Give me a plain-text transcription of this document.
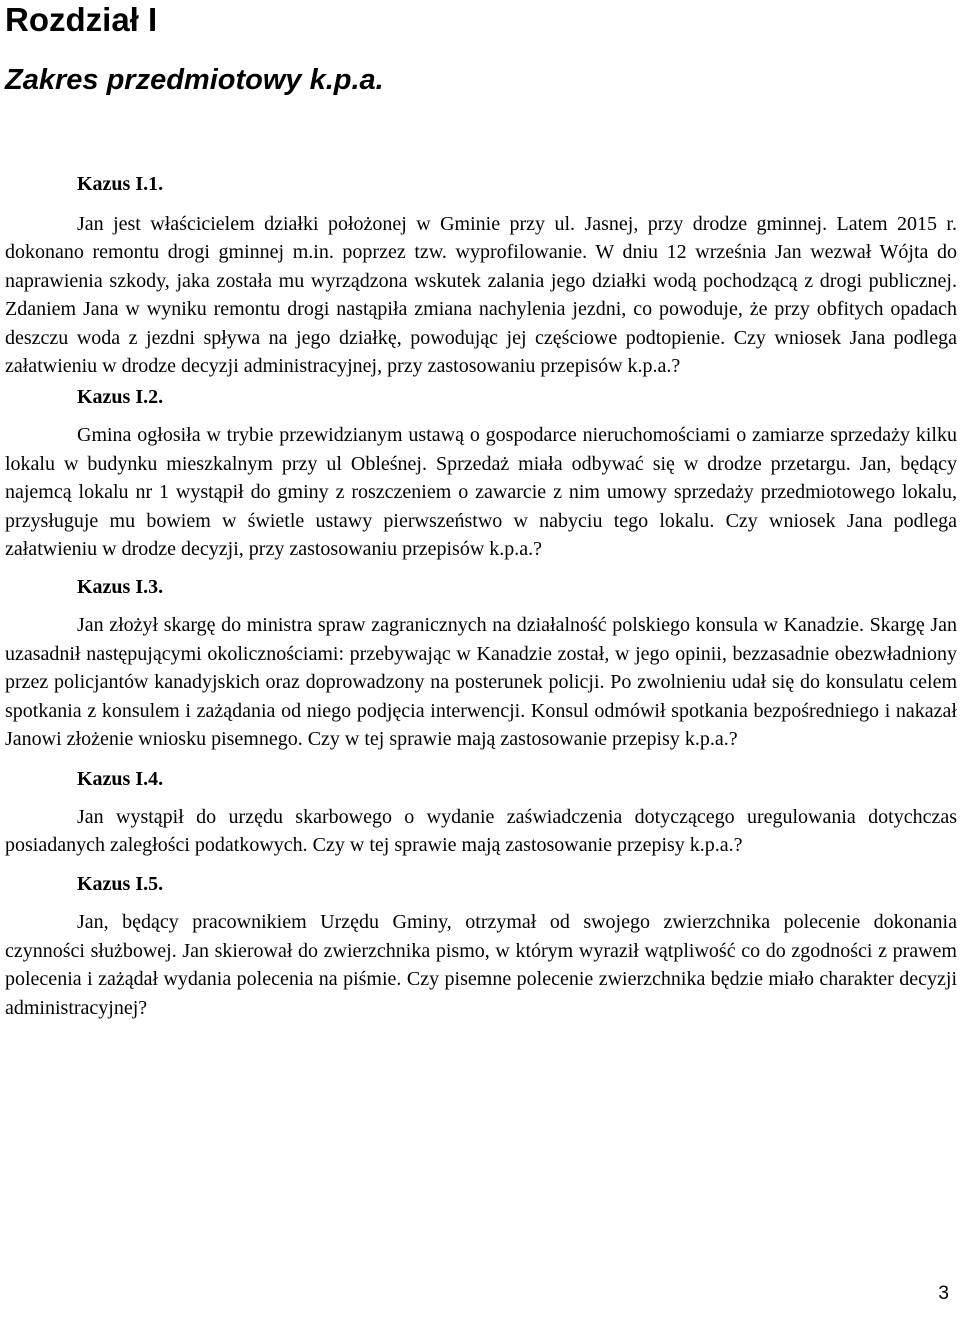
Rozdział I
Zakres przedmiotowy k.p.a.
Kazus I.1.

Jan jest właścicielem działki położonej w Gminie przy ul. Jasnej, przy drodze gminnej. Latem 2015 r. dokonano remontu drogi gminnej m.in. poprzez tzw. wyprofilowanie. W dniu 12 września Jan wezwał Wójta do naprawienia szkody, jaka została mu wyrządzona wskutek zalania jego działki wodą pochodzącą z drogi publicznej. Zdaniem Jana w wyniku remontu drogi nastąpiła zmiana nachylenia jezdni, co powoduje, że przy obfitych opadach deszczu woda z jezdni spływa na jego działkę, powodując jej częściowe podtopienie. Czy wniosek Jana podlega załatwieniu w drodze decyzji administracyjnej, przy zastosowaniu przepisów k.p.a.?

Kazus I.2.

Gmina ogłosiła w trybie przewidzianym ustawą o gospodarce nieruchomościami o zamiarze sprzedaży kilku lokalu w budynku mieszkalnym przy ul Obleśnej. Sprzedaż miała odbywać się w drodze przetargu. Jan, będący najemcą lokalu nr 1 wystąpił do gminy z roszczeniem o zawarcie z nim umowy sprzedaży przedmiotowego lokalu, przysługuje mu bowiem w świetle ustawy pierwszeństwo w nabyciu tego lokalu. Czy wniosek Jana podlega załatwieniu w drodze decyzji, przy zastosowaniu przepisów k.p.a.?

Kazus I.3.

Jan złożył skargę do ministra spraw zagranicznych na działalność polskiego konsula w Kanadzie. Skargę Jan uzasadnił następującymi okolicznościami: przebywając w Kanadzie został, w jego opinii, bezzasadnie obezwładniony przez policjantów kanadyjskich oraz doprowadzony na posterunek policji. Po zwolnieniu udał się do konsulatu celem spotkania z konsulem i zażądania od niego podjęcia interwencji. Konsul odmówił spotkania bezpośredniego i nakazał Janowi złożenie wniosku pisemnego. Czy w tej sprawie mają zastosowanie przepisy k.p.a.?

Kazus I.4.

Jan wystąpił do urzędu skarbowego o wydanie zaświadczenia dotyczącego uregulowania dotychczas posiadanych zaległości podatkowych. Czy w tej sprawie mają zastosowanie przepisy k.p.a.?

Kazus I.5.

Jan, będący pracownikiem Urzędu Gminy, otrzymał od swojego zwierzchnika polecenie dokonania czynności służbowej. Jan skierował do zwierzchnika pismo, w którym wyraził wątpliwość co do zgodności z prawem polecenia i zażądał wydania polecenia na piśmie. Czy pisemne polecenie zwierzchnika będzie miało charakter decyzji administracyjnej?

3
